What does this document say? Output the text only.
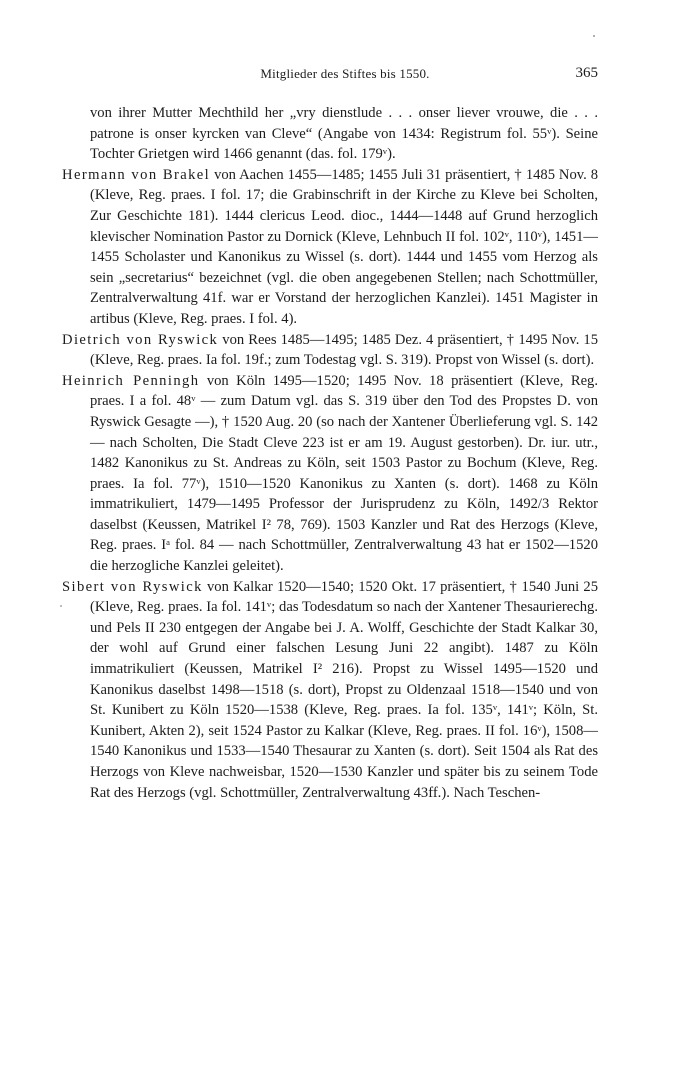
Mitglieder des Stiftes bis 1550.	365

von ihrer Mutter Mechthild her „vry dienstlude . . . onser liever vrouwe, die . . . patrone is onser kyrcken van Cleve“ (Angabe von 1434: Registrum fol. 55ᵛ). Seine Tochter Grietgen wird 1466 genannt (das. fol. 179ᵛ).

Hermann von Brakel von Aachen 1455—1485; 1455 Juli 31 präsentiert, † 1485 Nov. 8 (Kleve, Reg. praes. I fol. 17; die Grabinschrift in der Kirche zu Kleve bei Scholten, Zur Geschichte 181). 1444 clericus Leod. dioc., 1444—1448 auf Grund herzoglich klevischer Nomination Pastor zu Dornick (Kleve, Lehnbuch II fol. 102ᵛ, 110ᵛ), 1451—1455 Scholaster und Kanonikus zu Wissel (s. dort). 1444 und 1455 vom Herzog als sein „secretarius“ bezeichnet (vgl. die oben angegebenen Stellen; nach Schottmüller, Zentralverwaltung 41f. war er Vorstand der herzoglichen Kanzlei). 1451 Magister in artibus (Kleve, Reg. praes. I fol. 4).

Dietrich von Ryswick von Rees 1485—1495; 1485 Dez. 4 präsentiert, † 1495 Nov. 15 (Kleve, Reg. praes. Ia fol. 19f.; zum Todestag vgl. S. 319). Propst von Wissel (s. dort).

Heinrich Penningh von Köln 1495—1520; 1495 Nov. 18 präsentiert (Kleve, Reg. praes. I a fol. 48ᵛ — zum Datum vgl. das S. 319 über den Tod des Propstes D. von Ryswick Gesagte —), † 1520 Aug. 20 (so nach der Xantener Überlieferung vgl. S. 142 — nach Scholten, Die Stadt Cleve 223 ist er am 19. August gestorben). Dr. iur. utr., 1482 Kanonikus zu St. Andreas zu Köln, seit 1503 Pastor zu Bochum (Kleve, Reg. praes. Ia fol. 77ᵛ), 1510—1520 Kanonikus zu Xanten (s. dort). 1468 zu Köln immatrikuliert, 1479—1495 Professor der Jurisprudenz zu Köln, 1492/3 Rektor daselbst (Keussen, Matrikel I² 78, 769). 1503 Kanzler und Rat des Herzogs (Kleve, Reg. praes. Iᵃ fol. 84 — nach Schottmüller, Zentralverwaltung 43 hat er 1502—1520 die herzogliche Kanzlei geleitet).

Sibert von Ryswick von Kalkar 1520—1540; 1520 Okt. 17 präsentiert, † 1540 Juni 25 (Kleve, Reg. praes. Ia fol. 141ᵛ; das Todesdatum so nach der Xantener Thesaurierechg. und Pels II 230 entgegen der Angabe bei J. A. Wolff, Geschichte der Stadt Kalkar 30, der wohl auf Grund einer falschen Lesung Juni 22 angibt). 1487 zu Köln immatrikuliert (Keussen, Matrikel I² 216). Propst zu Wissel 1495—1520 und Kanonikus daselbst 1498—1518 (s. dort), Propst zu Oldenzaal 1518—1540 und von St. Kunibert zu Köln 1520—1538 (Kleve, Reg. praes. Ia fol. 135ᵛ, 141ᵛ; Köln, St. Kunibert, Akten 2), seit 1524 Pastor zu Kalkar (Kleve, Reg. praes. II fol. 16ᵛ), 1508—1540 Kanonikus und 1533—1540 Thesaurar zu Xanten (s. dort). Seit 1504 als Rat des Herzogs von Kleve nachweisbar, 1520—1530 Kanzler und später bis zu seinem Tode Rat des Herzogs (vgl. Schottmüller, Zentralverwaltung 43ff.). Nach Teschen-
